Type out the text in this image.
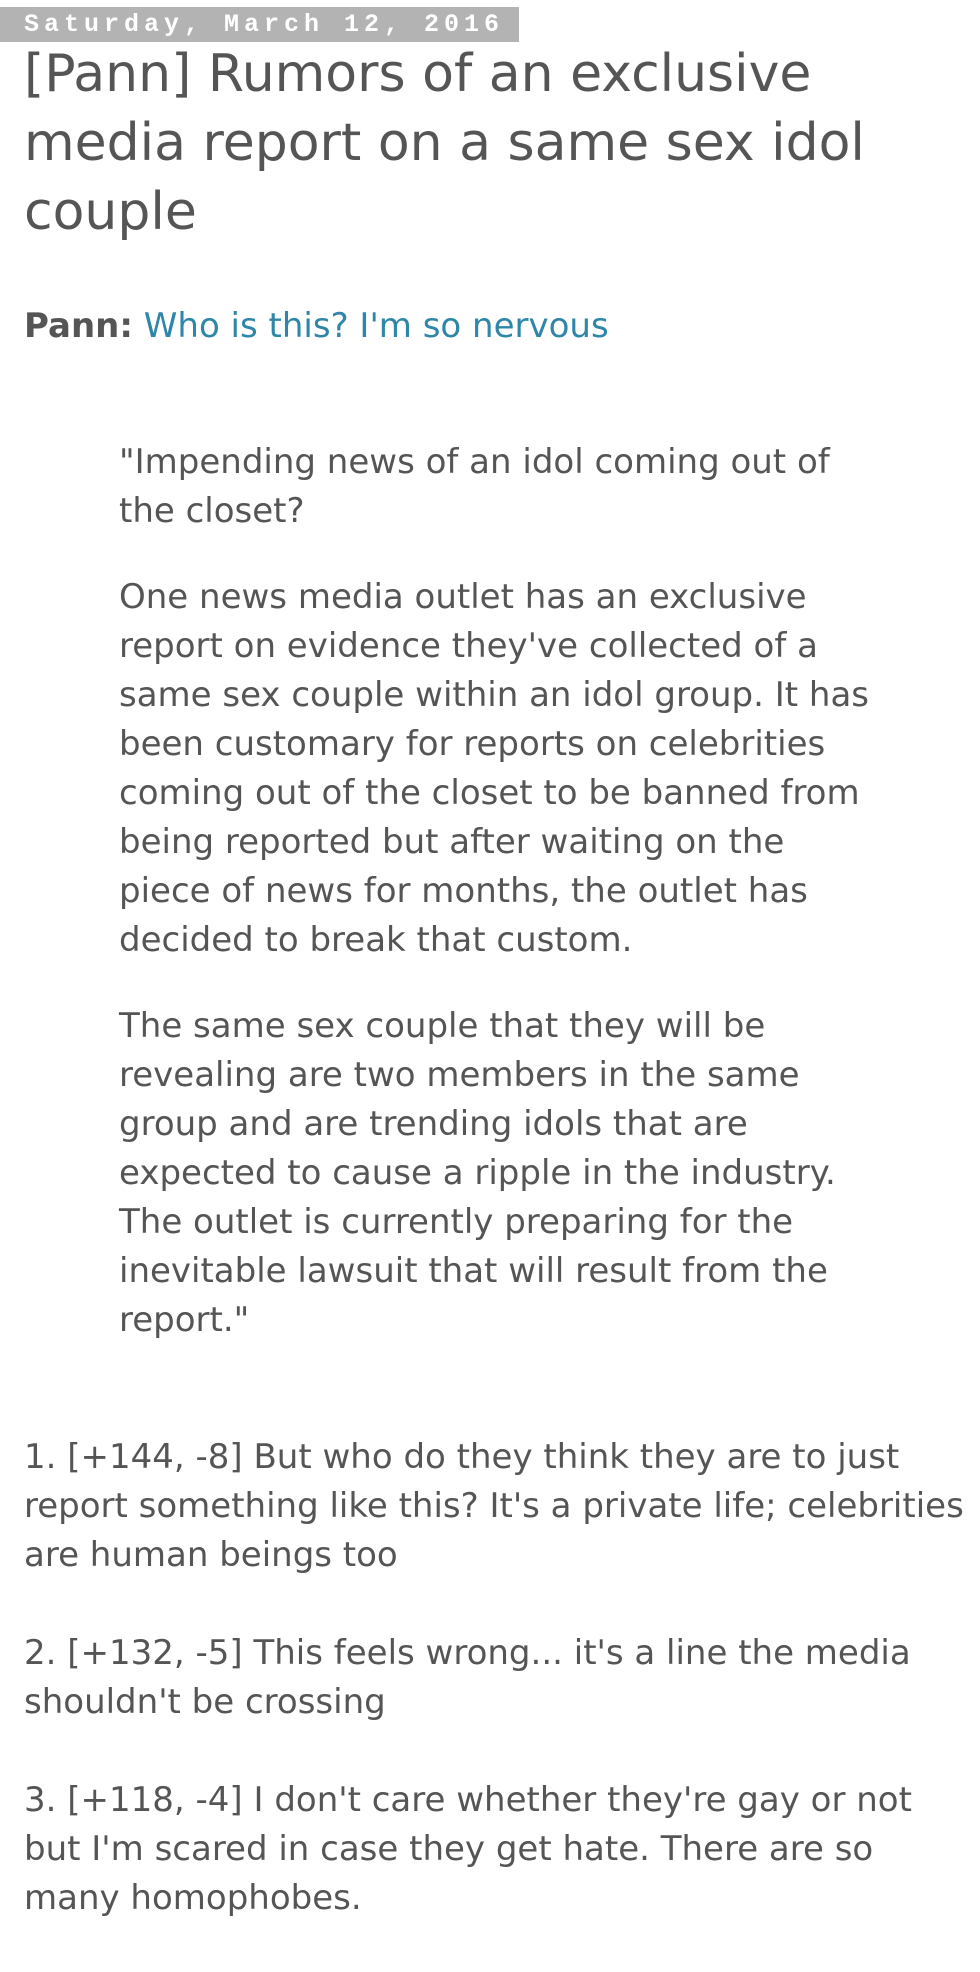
Saturday, March 12, 2016
[Pann] Rumors of an exclusive media report on a same sex idol couple
Pann: Who is this? I'm so nervous

"Impending news of an idol coming out of the closet?

One news media outlet has an exclusive report on evidence they've collected of a same sex couple within an idol group. It has been customary for reports on celebrities coming out of the closet to be banned from being reported but after waiting on the piece of news for months, the outlet has decided to break that custom.

The same sex couple that they will be revealing are two members in the same group and are trending idols that are expected to cause a ripple in the industry. The outlet is currently preparing for the inevitable lawsuit that will result from the report."

1. [+144, -8] But who do they think they are to just report something like this? It's a private life; celebrities are human beings too

2. [+132, -5] This feels wrong... it's a line the media shouldn't be crossing

3. [+118, -4] I don't care whether they're gay or not but I'm scared in case they get hate. There are so many homophobes.
